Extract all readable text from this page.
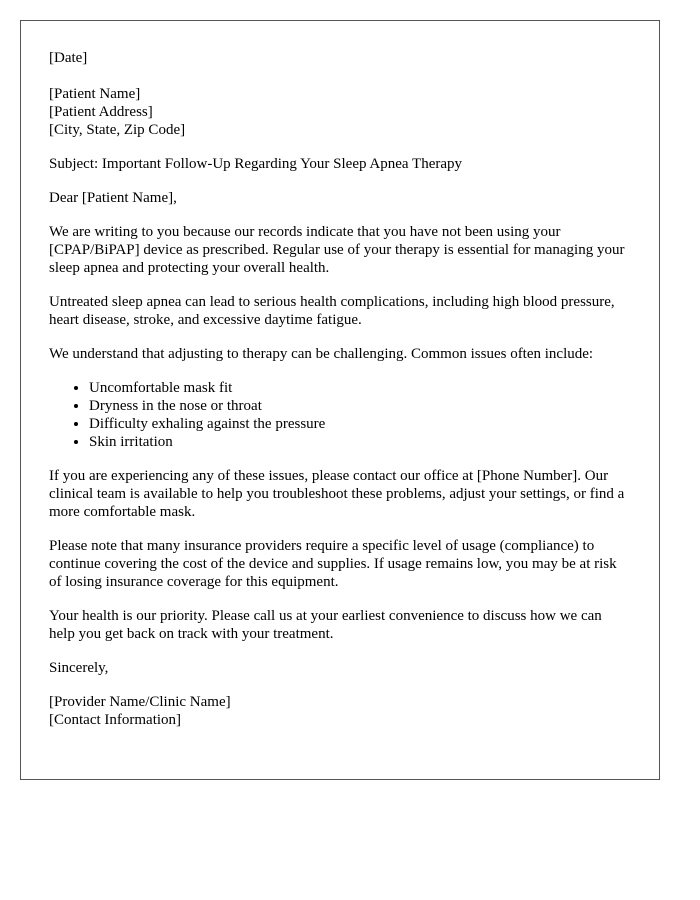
[Date]

[Patient Name]
[Patient Address]
[City, State, Zip Code]

Subject: Important Follow-Up Regarding Your Sleep Apnea Therapy

Dear [Patient Name],

We are writing to you because our records indicate that you have not been using your [CPAP/BiPAP] device as prescribed. Regular use of your therapy is essential for managing your sleep apnea and protecting your overall health.

Untreated sleep apnea can lead to serious health complications, including high blood pressure, heart disease, stroke, and excessive daytime fatigue.

We understand that adjusting to therapy can be challenging. Common issues often include:

• Uncomfortable mask fit
• Dryness in the nose or throat
• Difficulty exhaling against the pressure
• Skin irritation

If you are experiencing any of these issues, please contact our office at [Phone Number]. Our clinical team is available to help you troubleshoot these problems, adjust your settings, or find a more comfortable mask.

Please note that many insurance providers require a specific level of usage (compliance) to continue covering the cost of the device and supplies. If usage remains low, you may be at risk of losing insurance coverage for this equipment.

Your health is our priority. Please call us at your earliest convenience to discuss how we can help you get back on track with your treatment.

Sincerely,

[Provider Name/Clinic Name]
[Contact Information]
